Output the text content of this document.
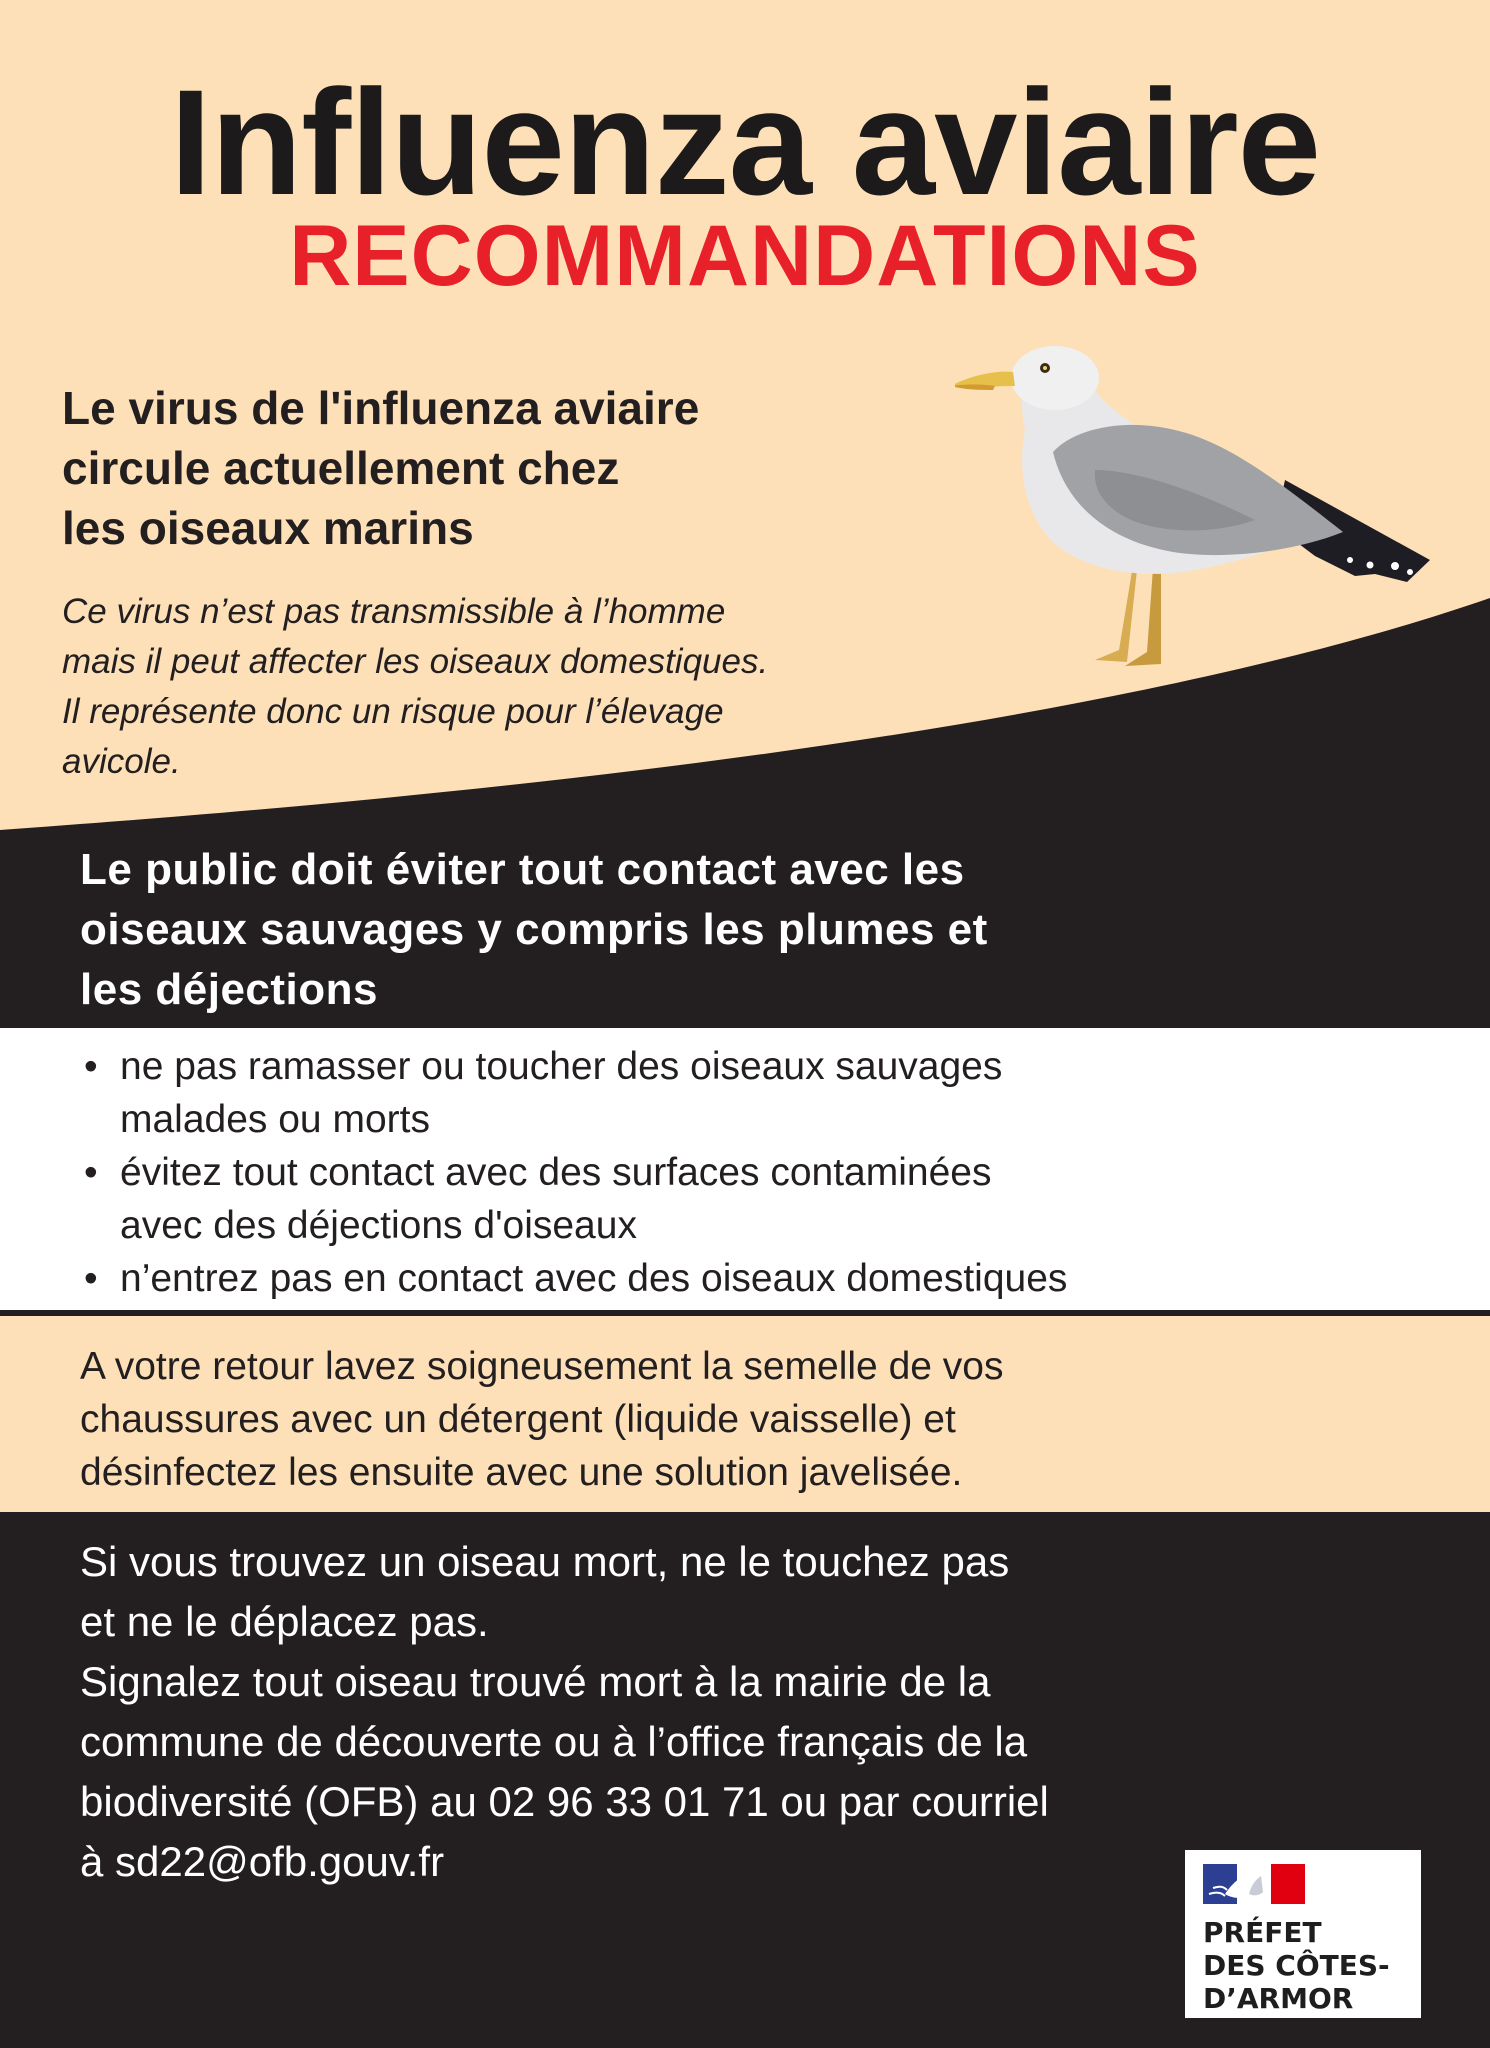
Influenza aviaire
RECOMMANDATIONS

Le virus de l'influenza aviaire
circule actuellement chez
les oiseaux marins

Ce virus n’est pas transmissible à l’homme
mais il peut affecter les oiseaux domestiques.
Il représente donc un risque pour l’élevage
avicole.

Le public doit éviter tout contact avec les
oiseaux sauvages y compris les plumes et
les déjections

• ne pas ramasser ou toucher des oiseaux sauvages
malades ou morts
• évitez tout contact avec des surfaces contaminées
avec des déjections d'oiseaux
• n’entrez pas en contact avec des oiseaux domestiques

A votre retour lavez soigneusement la semelle de vos
chaussures avec un détergent (liquide vaisselle) et
désinfectez les ensuite avec une solution javelisée.

Si vous trouvez un oiseau mort, ne le touchez pas
et ne le déplacez pas.
Signalez tout oiseau trouvé mort à la mairie de la
commune de découverte ou à l’office français de la
biodiversité (OFB) au 02 96 33 01 71 ou par courriel
à sd22@ofb.gouv.fr

PRÉFET
DES CÔTES-
D’ARMOR
